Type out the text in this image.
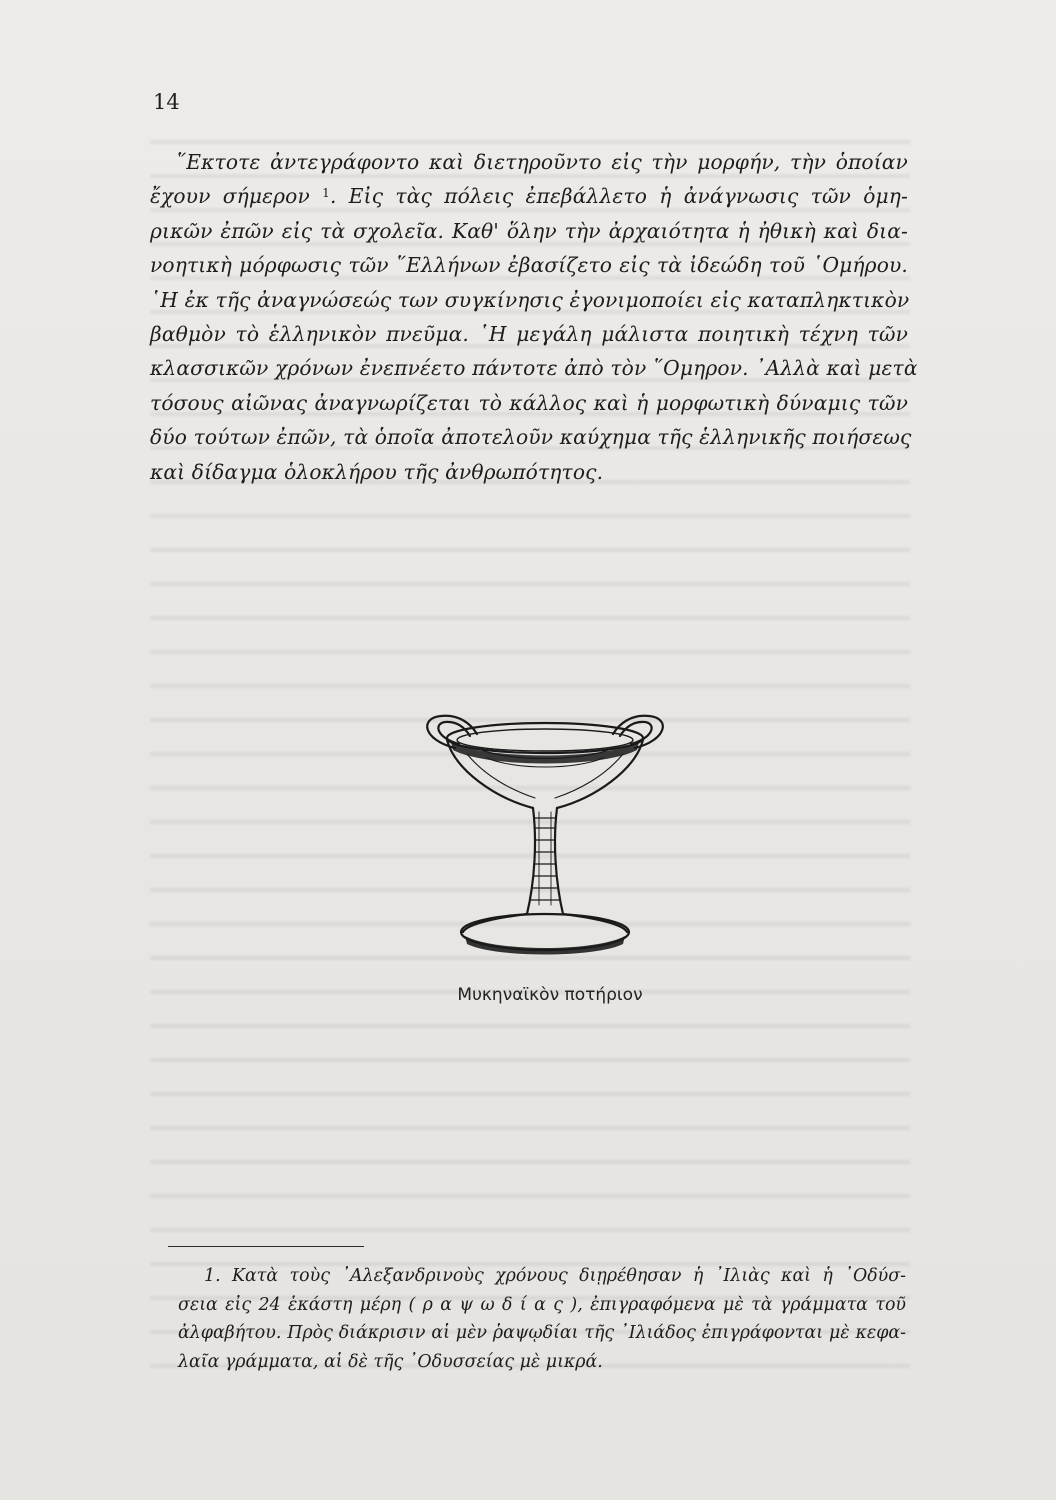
14
῞Εκτοτε ἀντεγράφοντο καὶ διετηροῦντο εἰς τὴν μορφήν, τὴν ὁποίαν
ἔχουν σήμερον $^1$. Εἰς τὰς πόλεις ἐπεβάλλετο ἡ ἀνάγνωσις τῶν ὁμη-
ρικῶν ἐπῶν εἰς τὰ σχολεῖα. Καθ' ὅλην τὴν ἀρχαιότητα ἡ ἠθικὴ καὶ δια-
νοητικὴ μόρφωσις τῶν ῞Ελλήνων ἐβασίζετο εἰς τὰ ἰδεώδη τοῦ ῾Ομήρου.
῾Η ἐκ τῆς ἀναγνώσεώς των συγκίνησις ἐγονιμοποίει εἰς καταπληκτικὸν
βαθμὸν τὸ ἑλληνικὸν πνεῦμα. ῾Η μεγάλη μάλιστα ποιητικὴ τέχνη τῶν
κλασσικῶν χρόνων ἐνεπνέετο πάντοτε ἀπὸ τὸν ῞Ομηρον. ᾿Αλλὰ καὶ μετὰ
τόσους αἰῶνας ἀναγνωρίζεται τὸ κάλλος καὶ ἡ μορφωτικὴ δύναμις τῶν
δύο τούτων ἐπῶν, τὰ ὁποῖα ἀποτελοῦν καύχημα τῆς ἑλληνικῆς ποιήσεως
καὶ δίδαγμα ὁλοκλήρου τῆς ἀνθρωπότητος.
Μυκηναϊκὸν ποτήριον
1. Κατὰ τοὺς ᾿Αλεξανδρινοὺς χρόνους διῃρέθησαν ἡ ᾿Ιλιὰς καὶ ἡ ᾿Οδύσ-
σεια εἰς 24 ἑκάστη μέρη ( ρ α ψ ω δ ί α ς ), ἐπιγραφόμενα μὲ τὰ γράμματα τοῦ
ἀλφαβήτου. Πρὸς διάκρισιν αἱ μὲν ῥαψῳδίαι τῆς ᾿Ιλιάδος ἐπιγράφονται μὲ κεφα-
λαῖα γράμματα, αἱ δὲ τῆς ᾿Οδυσσείας μὲ μικρά.
